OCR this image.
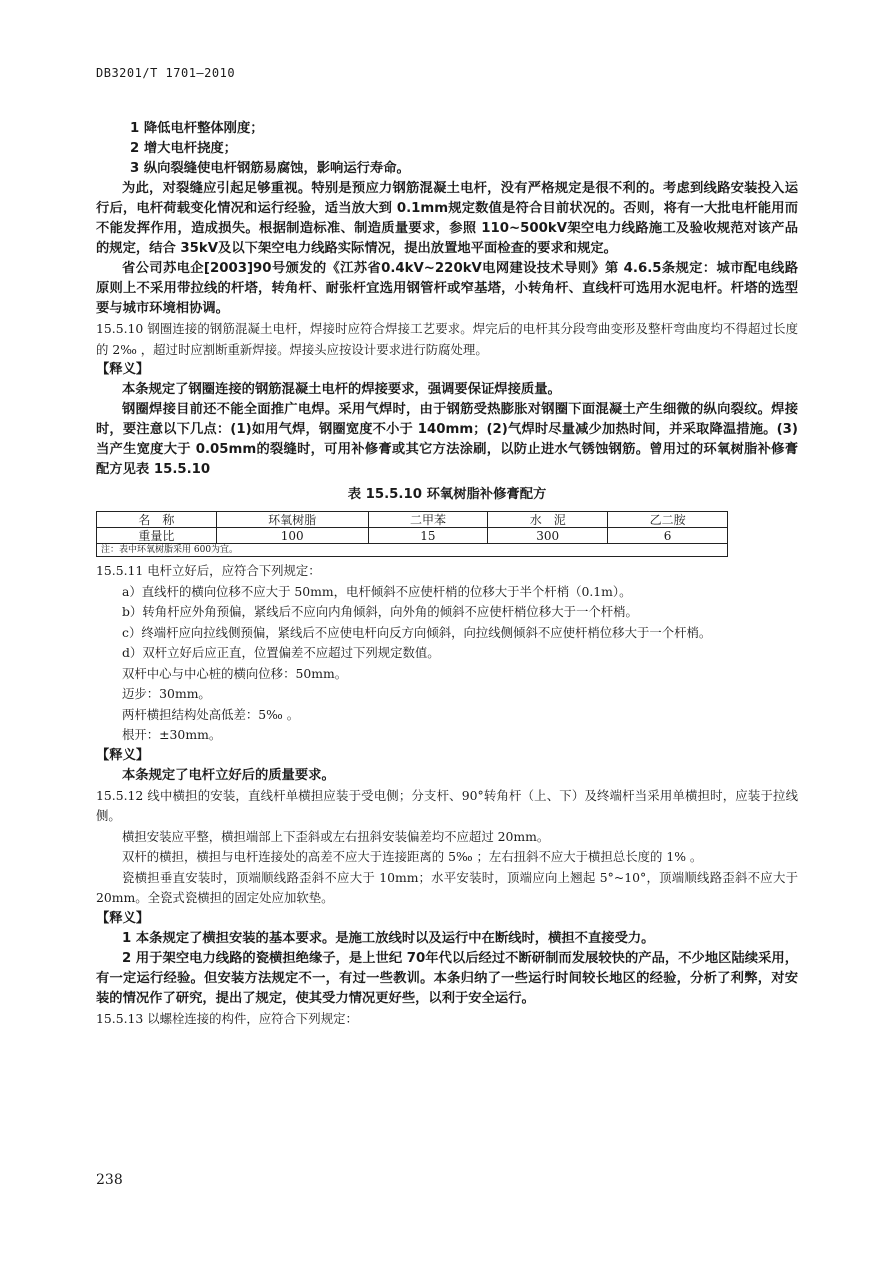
DB3201/T 1701—2010

1 降低电杆整体刚度；

2 增大电杆挠度；

3 纵向裂缝使电杆钢筋易腐蚀，影响运行寿命。

为此，对裂缝应引起足够重视。特别是预应力钢筋混凝土电杆，没有严格规定是很不利的。考虑到线路安装投入运行后，电杆荷载变化情况和运行经验，适当放大到 0.1mm规定数值是符合目前状况的。否则，将有一大批电杆能用而不能发挥作用，造成损失。根据制造标准、制造质量要求，参照 110~500kV架空电力线路施工及验收规范对该产品的规定，结合 35kV及以下架空电力线路实际情况，提出放置地平面检查的要求和规定。

省公司苏电企[2003]90号颁发的《江苏省0.4kV~220kV电网建设技术导则》第 4.6.5条规定：城市配电线路原则上不采用带拉线的杆塔，转角杆、耐张杆宜选用钢管杆或窄基塔，小转角杆、直线杆可选用水泥电杆。杆塔的选型要与城市环境相协调。

15.5.10 钢圈连接的钢筋混凝土电杆，焊接时应符合焊接工艺要求。焊完后的电杆其分段弯曲变形及整杆弯曲度均不得超过长度的 2‰ ，超过时应割断重新焊接。焊接头应按设计要求进行防腐处理。

【释义】

本条规定了钢圈连接的钢筋混凝土电杆的焊接要求，强调要保证焊接质量。

钢圈焊接目前还不能全面推广电焊。采用气焊时，由于钢筋受热膨胀对钢圈下面混凝土产生细微的纵向裂纹。焊接时，要注意以下几点：(1)如用气焊，钢圈宽度不小于 140mm；(2)气焊时尽量减少加热时间，并采取降温措施。(3)当产生宽度大于 0.05mm的裂缝时，可用补修膏或其它方法涂刷，以防止进水气锈蚀钢筋。曾用过的环氧树脂补修膏配方见表 15.5.10

表 15.5.10 环氧树脂补修膏配方

名　称	环氧树脂	二甲苯	水　泥	乙二胺
重量比	100	15	300	6
注：表中环氧树脂采用 600为宜。				

15.5.11 电杆立好后，应符合下列规定：

a）直线杆的横向位移不应大于 50mm，电杆倾斜不应使杆梢的位移大于半个杆梢（0.1m）。

b）转角杆应外角预偏，紧线后不应向内角倾斜，向外角的倾斜不应使杆梢位移大于一个杆梢。

c）终端杆应向拉线侧预偏，紧线后不应使电杆向反方向倾斜，向拉线侧倾斜不应使杆梢位移大于一个杆梢。

d）双杆立好后应正直，位置偏差不应超过下列规定数值。

双杆中心与中心桩的横向位移：50mm。

迈步：30mm。

两杆横担结构处高低差：5‰ 。

根开：±30mm。

【释义】

本条规定了电杆立好后的质量要求。

15.5.12 线中横担的安装，直线杆单横担应装于受电侧；分支杆、90°转角杆（上、下）及终端杆当采用单横担时，应装于拉线侧。

横担安装应平整，横担端部上下歪斜或左右扭斜安装偏差均不应超过 20mm。

双杆的横担，横担与电杆连接处的高差不应大于连接距离的 5‰ ；左右扭斜不应大于横担总长度的 1% 。

瓷横担垂直安装时，顶端顺线路歪斜不应大于 10mm；水平安装时，顶端应向上翘起 5°~10°，顶端顺线路歪斜不应大于 20mm。全瓷式瓷横担的固定处应加软垫。

【释义】

1 本条规定了横担安装的基本要求。是施工放线时以及运行中在断线时，横担不直接受力。

2 用于架空电力线路的瓷横担绝缘子，是上世纪 70年代以后经过不断研制而发展较快的产品，不少地区陆续采用，有一定运行经验。但安装方法规定不一，有过一些教训。本条归纳了一些运行时间较长地区的经验，分析了利弊，对安装的情况作了研究，提出了规定，使其受力情况更好些，以利于安全运行。

15.5.13 以螺栓连接的构件，应符合下列规定：

238
